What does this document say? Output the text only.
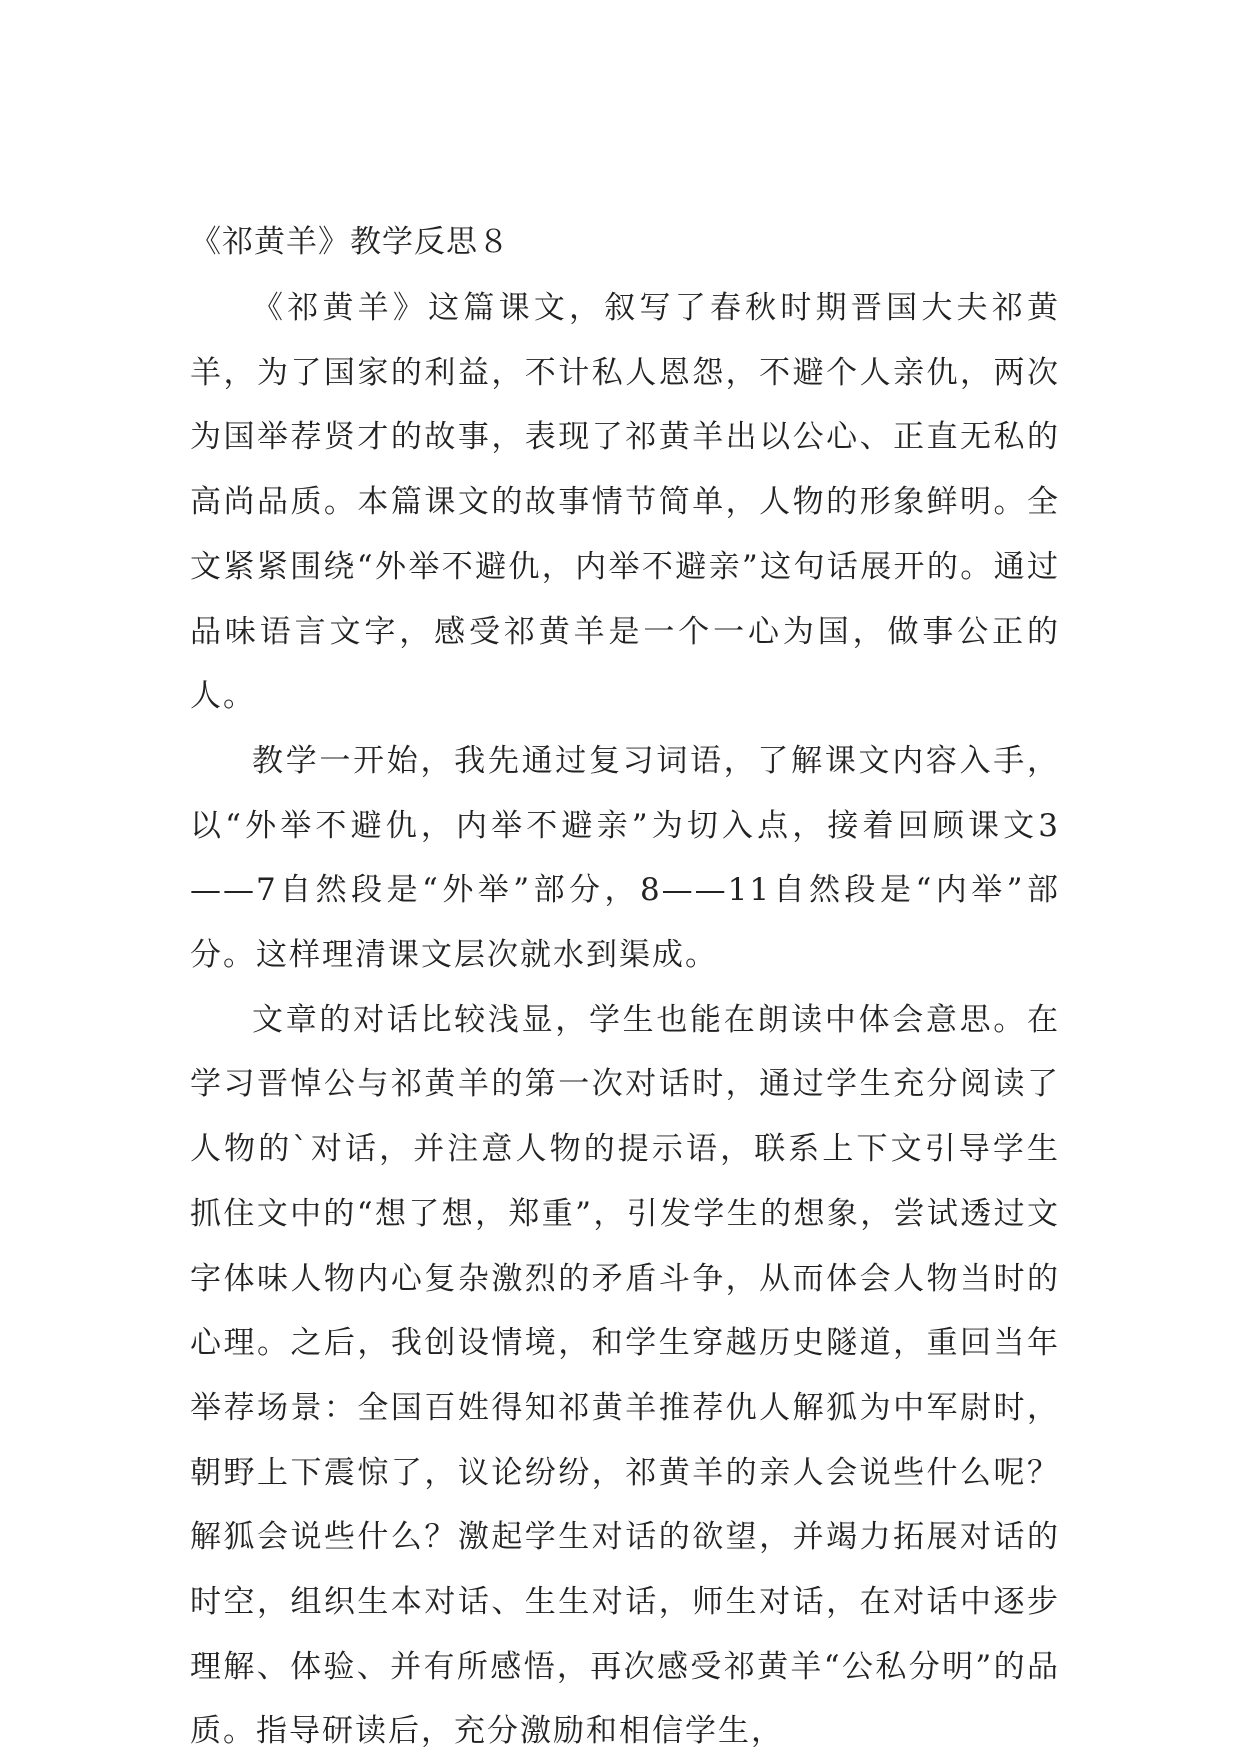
《祁黄羊》教学反思８

《祁黄羊》这篇课文，叙写了春秋时期晋国大夫祁黄羊，为了国家的利益，不计私人恩怨，不避个人亲仇，两次为国举荐贤才的故事，表现了祁黄羊出以公心、正直无私的高尚品质。本篇课文的故事情节简单，人物的形象鲜明。全文紧紧围绕“外举不避仇，内举不避亲”这句话展开的。通过品味语言文字，感受祁黄羊是一个一心为国，做事公正的人。

教学一开始，我先通过复习词语，了解课文内容入手，以“外举不避仇，内举不避亲”为切入点，接着回顾课文3——7自然段是“外举”部分，8——11自然段是“内举”部分。这样理清课文层次就水到渠成。

文章的对话比较浅显，学生也能在朗读中体会意思。在学习晋悼公与祁黄羊的第一次对话时，通过学生充分阅读了人物的`对话，并注意人物的提示语，联系上下文引导学生抓住文中的“想了想，郑重”，引发学生的想象，尝试透过文字体味人物内心复杂激烈的矛盾斗争，从而体会人物当时的心理。之后，我创设情境，和学生穿越历史隧道，重回当年举荐场景：全国百姓得知祁黄羊推荐仇人解狐为中军尉时，朝野上下震惊了，议论纷纷，祁黄羊的亲人会说些什么呢？解狐会说些什么？激起学生对话的欲望，并竭力拓展对话的时空，组织生本对话、生生对话，师生对话，在对话中逐步理解、体验、并有所感悟，再次感受祁黄羊“公私分明”的品质。指导研读后，充分激励和相信学生，
